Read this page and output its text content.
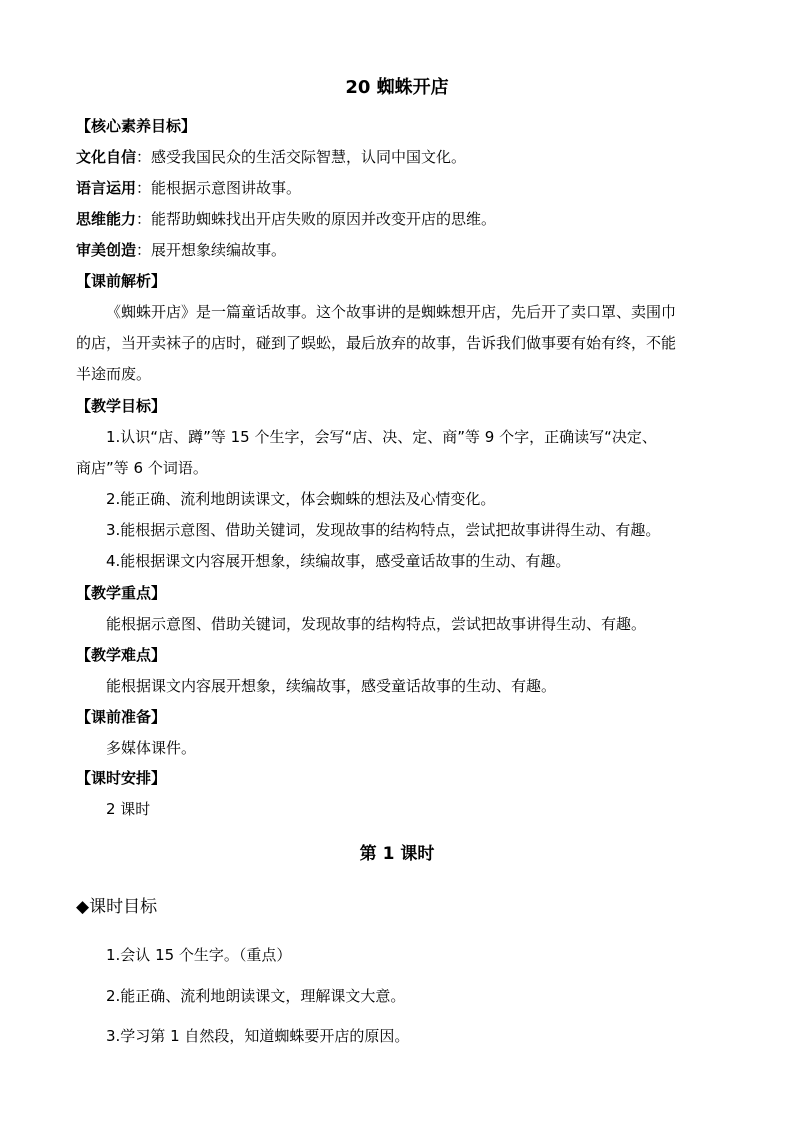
20 蜘蛛开店
【核心素养目标】
文化自信：感受我国民众的生活交际智慧，认同中国文化。
语言运用：能根据示意图讲故事。
思维能力：能帮助蜘蛛找出开店失败的原因并改变开店的思维。
审美创造：展开想象续编故事。
【课前解析】
《蜘蛛开店》是一篇童话故事。这个故事讲的是蜘蛛想开店，先后开了卖口罩、卖围巾
的店，当开卖袜子的店时，碰到了蜈蚣，最后放弃的故事，告诉我们做事要有始有终，不能
半途而废。
【教学目标】
1.认识“店、蹲”等 15 个生字，会写“店、决、定、商”等 9 个字，正确读写“决定、
商店”等 6 个词语。
2.能正确、流利地朗读课文，体会蜘蛛的想法及心情变化。
3.能根据示意图、借助关键词，发现故事的结构特点，尝试把故事讲得生动、有趣。
4.能根据课文内容展开想象，续编故事，感受童话故事的生动、有趣。
【教学重点】
能根据示意图、借助关键词，发现故事的结构特点，尝试把故事讲得生动、有趣。
【教学难点】
能根据课文内容展开想象，续编故事，感受童话故事的生动、有趣。
【课前准备】
多媒体课件。
【课时安排】
2 课时
第 1 课时
◆课时目标
1.会认 15 个生字。（重点）
2.能正确、流利地朗读课文，理解课文大意。
3.学习第 1 自然段，知道蜘蛛要开店的原因。
